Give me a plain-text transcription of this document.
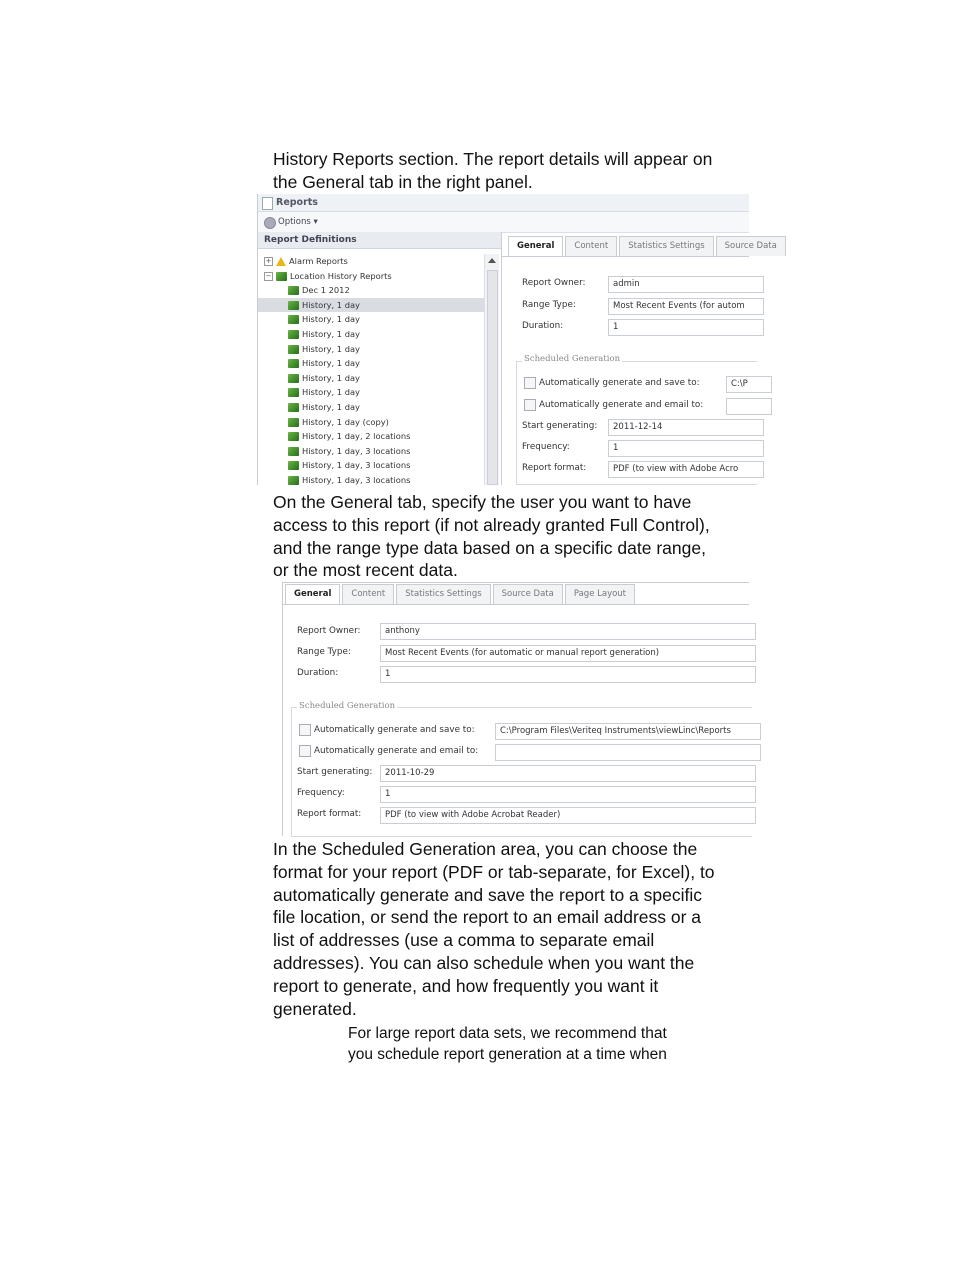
History Reports section. The report details will appear on
the General tab in the right panel.
Reports
Options ▾
Report Definitions
+ Alarm Reports
− Location History Reports
Dec 1 2012
History, 1 day
History, 1 day
History, 1 day
History, 1 day
History, 1 day
History, 1 day
History, 1 day
History, 1 day
History, 1 day (copy)
History, 1 day, 2 locations
History, 1 day, 3 locations
History, 1 day, 3 locations
History, 1 day, 3 locations
General	Content	Statistics Settings	Source Data
Report Owner:	admin
Range Type:	Most Recent Events (for autom
Duration:	1
Scheduled Generation
Automatically generate and save to:	C:\P
Automatically generate and email to:
Start generating:	2011-12-14
Frequency:	1
Report format:	PDF (to view with Adobe Acro
On the General tab, specify the user you want to have
access to this report (if not already granted Full Control),
and the range type data based on a specific date range,
or the most recent data.
General	Content	Statistics Settings	Source Data	Page Layout
Report Owner:	anthony
Range Type:	Most Recent Events (for automatic or manual report generation)
Duration:	1
Scheduled Generation
Automatically generate and save to:	C:\Program Files\Veriteq Instruments\viewLinc\Reports
Automatically generate and email to:
Start generating:	2011-10-29
Frequency:	1
Report format:	PDF (to view with Adobe Acrobat Reader)
In the Scheduled Generation area, you can choose the
format for your report (PDF or tab-separate, for Excel), to
automatically generate and save the report to a specific
file location, or send the report to an email address or a
list of addresses (use a comma to separate email
addresses). You can also schedule when you want the
report to generate, and how frequently you want it
generated.
For large report data sets, we recommend that
you schedule report generation at a time when
